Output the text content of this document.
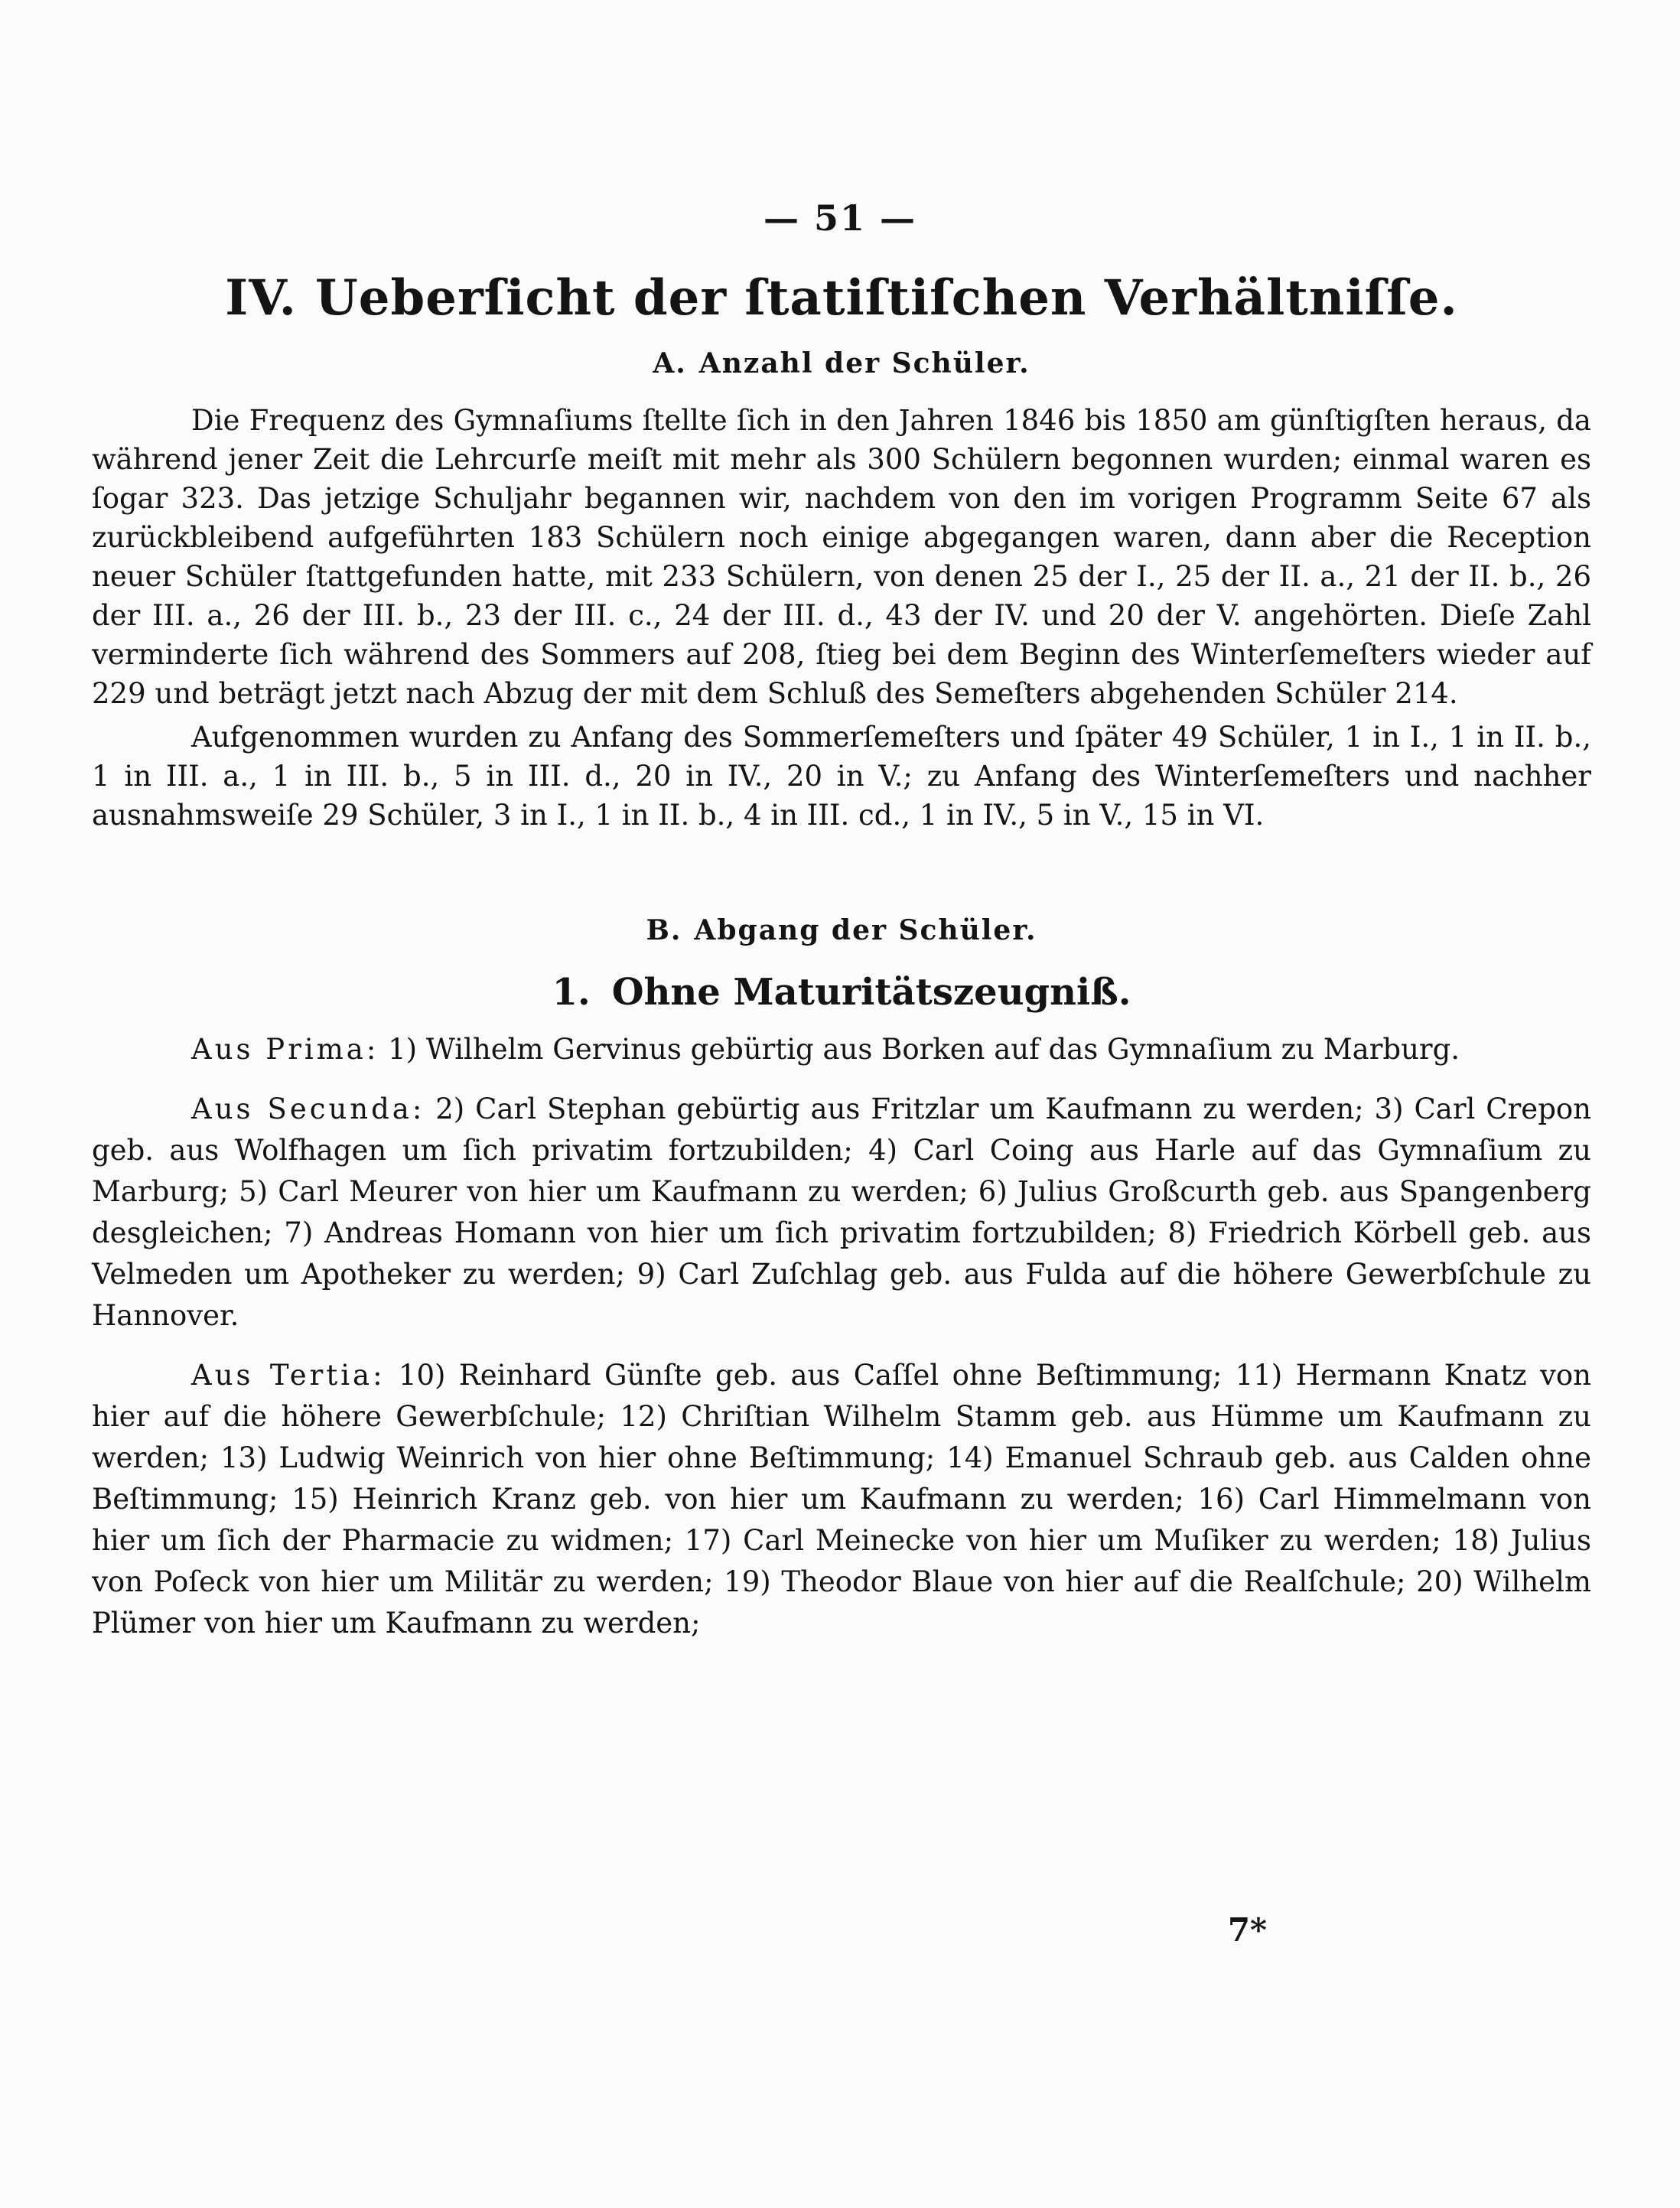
— 51 —
IV. Ueberſicht der ſtatiſtiſchen Verhältniſſe.
A. Anzahl der Schüler.

Die Frequenz des Gymnaſiums ſtellte ſich in den Jahren 1846 bis 1850 am günſtigſten heraus, da während jener Zeit die Lehrcurſe meiſt mit mehr als 300 Schülern begonnen wurden; einmal waren es ſogar 323. Das jetzige Schuljahr begannen wir, nachdem von den im vorigen Programm Seite 67 als zurückbleibend aufgeführten 183 Schülern noch einige abgegangen waren, dann aber die Reception neuer Schüler ſtattgefunden hatte, mit 233 Schülern, von denen 25 der I., 25 der II. a., 21 der II. b., 26 der III. a., 26 der III. b., 23 der III. c., 24 der III. d., 43 der IV. und 20 der V. angehörten. Dieſe Zahl verminderte ſich während des Sommers auf 208, ſtieg bei dem Beginn des Winterſemeſters wieder auf 229 und beträgt jetzt nach Abzug der mit dem Schluß des Semeſters abgehenden Schüler 214.

Aufgenommen wurden zu Anfang des Sommerſemeſters und ſpäter 49 Schüler, 1 in I., 1 in II. b., 1 in III. a., 1 in III. b., 5 in III. d., 20 in IV., 20 in V.; zu Anfang des Winterſemeſters und nachher ausnahmsweiſe 29 Schüler, 3 in I., 1 in II. b., 4 in III. cd., 1 in IV., 5 in V., 15 in VI.

B. Abgang der Schüler.
1. Ohne Maturitätszeugniß.

Aus Prima: 1) Wilhelm Gervinus gebürtig aus Borken auf das Gymnaſium zu Marburg.

Aus Secunda: 2) Carl Stephan gebürtig aus Fritzlar um Kaufmann zu werden; 3) Carl Crepon geb. aus Wolfhagen um ſich privatim fortzubilden; 4) Carl Coing aus Harle auf das Gymnaſium zu Marburg; 5) Carl Meurer von hier um Kaufmann zu werden; 6) Julius Großcurth geb. aus Spangenberg desgleichen; 7) Andreas Homann von hier um ſich privatim fortzubilden; 8) Friedrich Körbell geb. aus Velmeden um Apotheker zu werden; 9) Carl Zuſchlag geb. aus Fulda auf die höhere Gewerbſchule zu Hannover.

Aus Tertia: 10) Reinhard Günſte geb. aus Caſſel ohne Beſtimmung; 11) Hermann Knatz von hier auf die höhere Gewerbſchule; 12) Chriſtian Wilhelm Stamm geb. aus Hümme um Kaufmann zu werden; 13) Ludwig Weinrich von hier ohne Beſtimmung; 14) Emanuel Schraub geb. aus Calden ohne Beſtimmung; 15) Heinrich Kranz geb. von hier um Kaufmann zu werden; 16) Carl Himmelmann von hier um ſich der Pharmacie zu widmen; 17) Carl Meinecke von hier um Muſiker zu werden; 18) Julius von Poſeck von hier um Militär zu werden; 19) Theodor Blaue von hier auf die Realſchule; 20) Wilhelm Plümer von hier um Kaufmann zu werden;

7*
